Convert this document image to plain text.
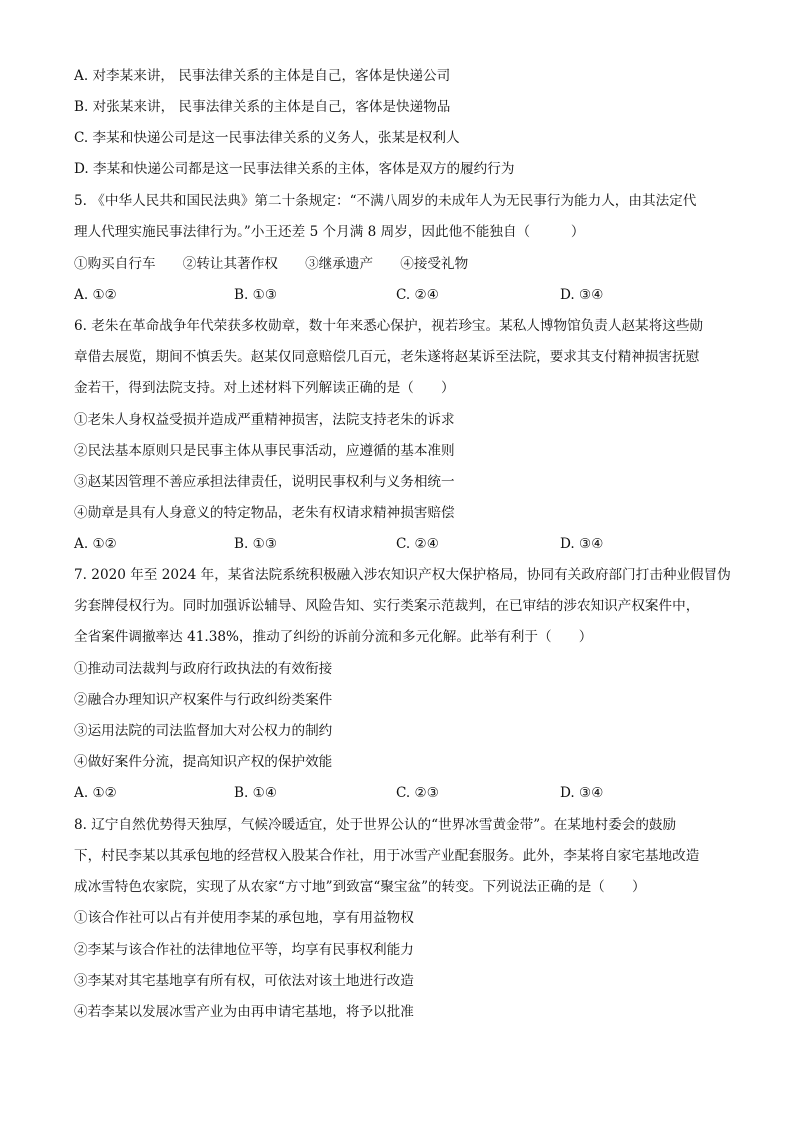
A. 对李某来讲， 民事法律关系的主体是自己，客体是快递公司
B. 对张某来讲， 民事法律关系的主体是自己，客体是快递物品
C. 李某和快递公司是这一民事法律关系的义务人，张某是权利人
D. 李某和快递公司都是这一民事法律关系的主体，客体是双方的履约行为
5. 《中华人民共和国民法典》第二十条规定：“不满八周岁的未成年人为无民事行为能力人，由其法定代
理人代理实施民事法律行为。”小王还差 5 个月满 8 周岁，因此他不能独自（　　　）
①购买自行车　　②转让其著作权　　③继承遗产　　④接受礼物
A. ①②	B. ①③	C. ②④	D. ③④
6. 老朱在革命战争年代荣获多枚勋章，数十年来悉心保护，视若珍宝。某私人博物馆负责人赵某将这些勋
章借去展览，期间不慎丢失。赵某仅同意赔偿几百元，老朱遂将赵某诉至法院，要求其支付精神损害抚慰
金若干，得到法院支持。对上述材料下列解读正确的是（　　）
①老朱人身权益受损并造成严重精神损害，法院支持老朱的诉求
②民法基本原则只是民事主体从事民事活动，应遵循的基本准则
③赵某因管理不善应承担法律责任，说明民事权利与义务相统一
④勋章是具有人身意义的特定物品，老朱有权请求精神损害赔偿
A. ①②	B. ①③	C. ②④	D. ③④
7. 2020 年至 2024 年，某省法院系统积极融入涉农知识产权大保护格局，协同有关政府部门打击种业假冒伪
劣套牌侵权行为。同时加强诉讼辅导、风险告知、实行类案示范裁判，在已审结的涉农知识产权案件中，
全省案件调撤率达 41.38%，推动了纠纷的诉前分流和多元化解。此举有利于（　　）
①推动司法裁判与政府行政执法的有效衔接
②融合办理知识产权案件与行政纠纷类案件
③运用法院的司法监督加大对公权力的制约
④做好案件分流，提高知识产权的保护效能
A. ①②	B. ①④	C. ②③	D. ③④
8. 辽宁自然优势得天独厚，气候冷暖适宜，处于世界公认的“世界冰雪黄金带”。在某地村委会的鼓励
下，村民李某以其承包地的经营权入股某合作社，用于冰雪产业配套服务。此外，李某将自家宅基地改造
成冰雪特色农家院，实现了从农家“方寸地”到致富“聚宝盆”的转变。下列说法正确的是（　　）
①该合作社可以占有并使用李某的承包地，享有用益物权
②李某与该合作社的法律地位平等，均享有民事权利能力
③李某对其宅基地享有所有权，可依法对该土地进行改造
④若李某以发展冰雪产业为由再申请宅基地，将予以批准
